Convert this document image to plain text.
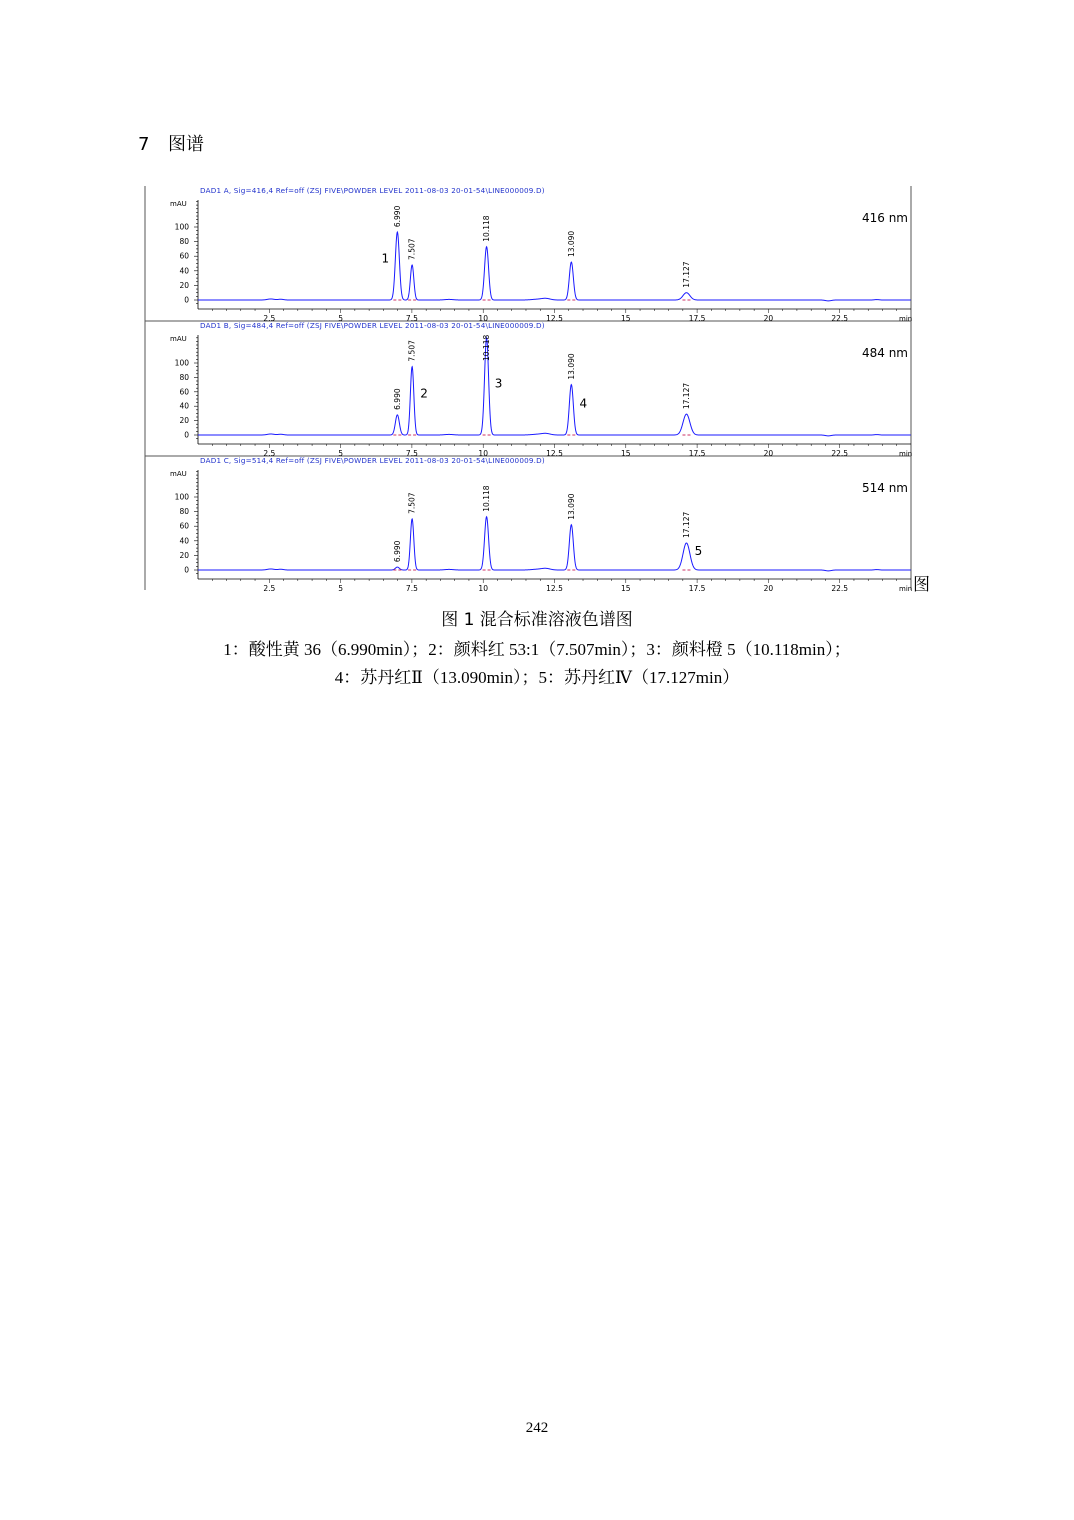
7 图谱
图
DAD1 A, Sig=416,4 Ref=off (ZSJ FIVE\POWDER LEVEL 2011-08-03 20-01-54\LINE000009.D)
mAU
416 nm
0
20
40
60
80
100
2.5	5	7.5	10	12.5	15	17.5	20	22.5	min
6.990
1 7.507
10.118
13.090
17.127
DAD1 B, Sig=484,4 Ref=off (ZSJ FIVE\POWDER LEVEL 2011-08-03 20-01-54\LINE000009.D)
mAU
484 nm
0
20
40
60
80
100
2.5	5	7.5	10	12.5	15	17.5	20	22.5	min
6.990
7.507
2
10.118
3
13.090
4	17.127
DAD1 C, Sig=514,4 Ref=off (ZSJ FIVE\POWDER LEVEL 2011-08-03 20-01-54\LINE000009.D)
mAU
514 nm
0
20
40
60
80
100
2.5	5	7.5	10	12.5	15	17.5	20	22.5	min
6.990
7.507	10.118	13.090
17.127
5
图 1 混合标准溶液色谱图
1：酸性黄 36（6.990min）；2：颜料红 53:1（7.507min）；3：颜料橙 5（10.118min）；
4：苏丹红Ⅱ（13.090min）；5：苏丹红Ⅳ（17.127min）
242
